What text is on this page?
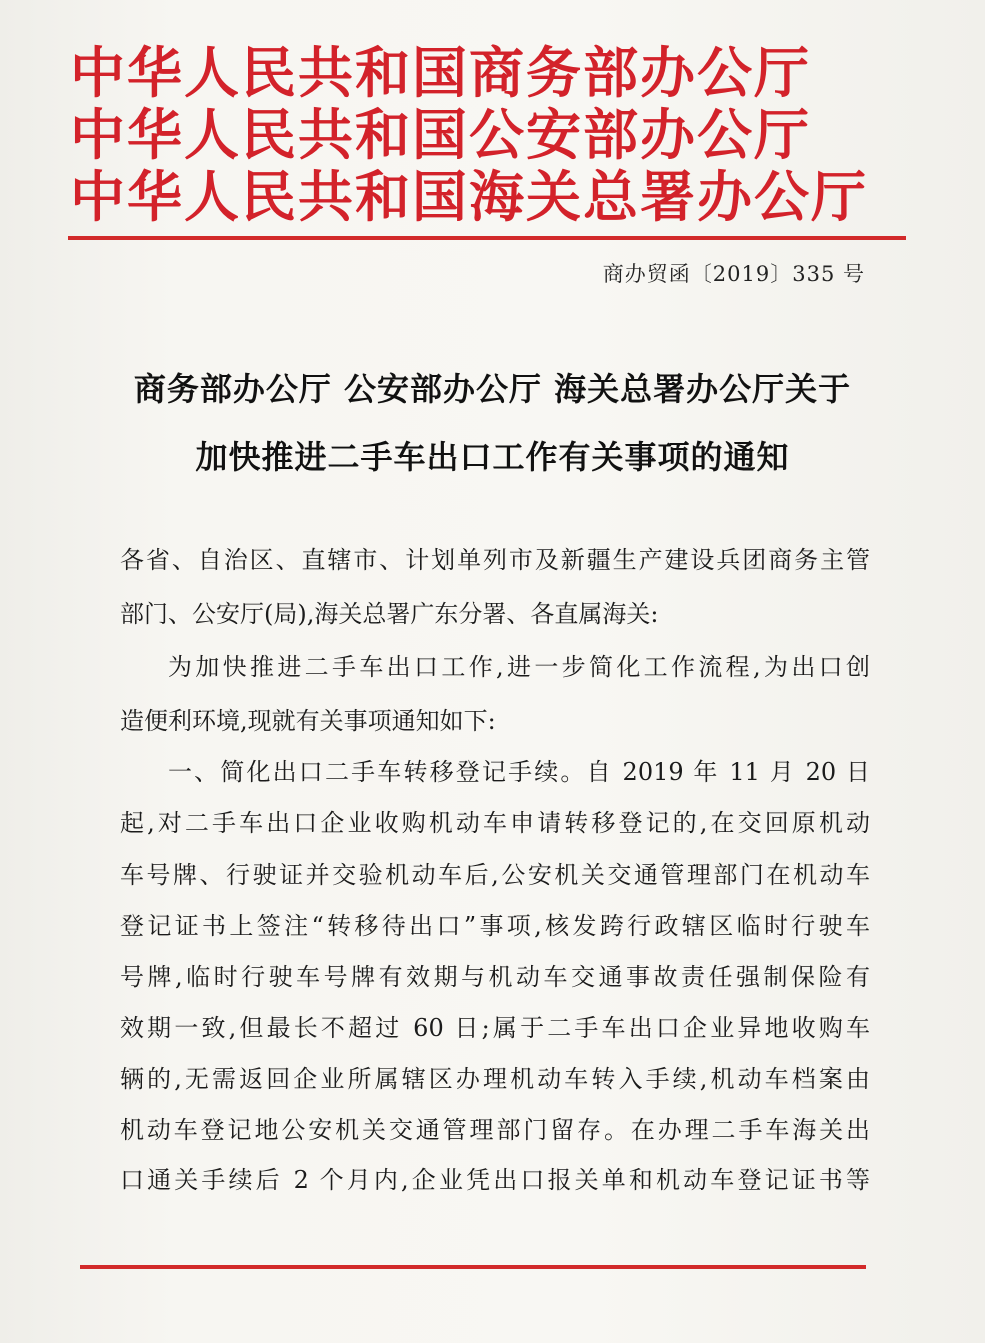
中华人民共和国商务部办公厅
中华人民共和国公安部办公厅
中华人民共和国海关总署办公厅
商办贸函〔2019〕335 号
商务部办公厅 公安部办公厅 海关总署办公厅关于
加快推进二手车出口工作有关事项的通知
各省、自治区、直辖市、计划单列市及新疆生产建设兵团商务主管
部门、公安厅(局),海关总署广东分署、各直属海关:
为加快推进二手车出口工作,进一步简化工作流程,为出口创
造便利环境,现就有关事项通知如下:
一、简化出口二手车转移登记手续。自 2019 年 11 月 20 日
起,对二手车出口企业收购机动车申请转移登记的,在交回原机动
车号牌、行驶证并交验机动车后,公安机关交通管理部门在机动车
登记证书上签注“转移待出口”事项,核发跨行政辖区临时行驶车
号牌,临时行驶车号牌有效期与机动车交通事故责任强制保险有
效期一致,但最长不超过 60 日;属于二手车出口企业异地收购车
辆的,无需返回企业所属辖区办理机动车转入手续,机动车档案由
机动车登记地公安机关交通管理部门留存。在办理二手车海关出
口通关手续后 2 个月内,企业凭出口报关单和机动车登记证书等
